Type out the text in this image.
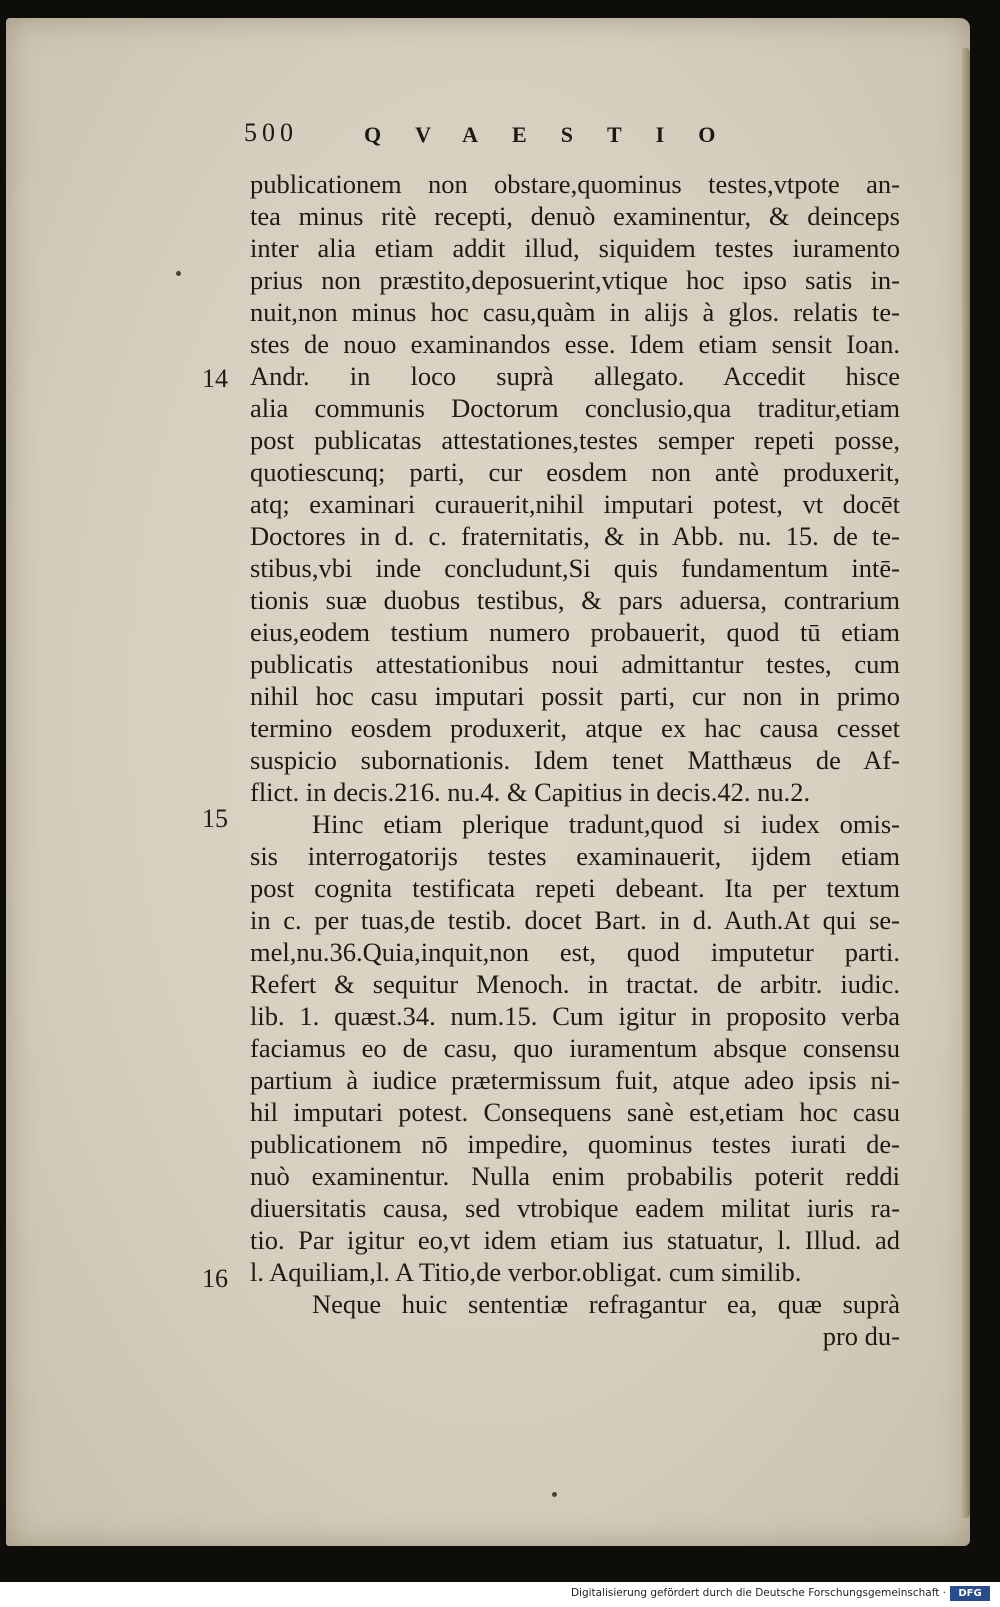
500	QVAESTIO
14
15
16
publicationem non obstare,quominus testes,vtpote an-
tea minus ritè recepti, denuò examinentur, & deinceps
inter alia etiam addit illud, siquidem testes iuramento
prius non præstito,deposuerint,vtique hoc ipso satis in-
nuit,non minus hoc casu,quàm in alijs à glos. relatis te-
stes de nouo examinandos esse. Idem etiam sensit Ioan.
Andr. in loco suprà allegato. Accedit hisce
alia communis Doctorum conclusio,qua traditur,etiam
post publicatas attestationes,testes semper repeti posse,
quotiescunq; parti, cur eosdem non antè produxerit,
atq; examinari curauerit,nihil imputari potest, vt docēt
Doctores in d. c. fraternitatis, & in Abb. nu. 15. de te-
stibus,vbi inde concludunt,Si quis fundamentum intē-
tionis suæ duobus testibus, & pars aduersa, contrarium
eius,eodem testium numero probauerit, quod tū etiam
publicatis attestationibus noui admittantur testes, cum
nihil hoc casu imputari possit parti, cur non in primo
termino eosdem produxerit, atque ex hac causa cesset
suspicio subornationis. Idem tenet Matthæus de Af-
flict. in decis.216. nu.4. & Capitius in decis.42. nu.2.
Hinc etiam plerique tradunt,quod si iudex omis-
sis interrogatorijs testes examinauerit, ijdem etiam
post cognita testificata repeti debeant. Ita per textum
in c. per tuas,de testib. docet Bart. in d. Auth.At qui se-
mel,nu.36.Quia,inquit,non est, quod imputetur parti.
Refert & sequitur Menoch. in tractat. de arbitr. iudic.
lib. 1. quæst.34. num.15. Cum igitur in proposito verba
faciamus eo de casu, quo iuramentum absque consensu
partium à iudice prætermissum fuit, atque adeo ipsis ni-
hil imputari potest. Consequens sanè est,etiam hoc casu
publicationem nō impedire, quominus testes iurati de-
nuò examinentur. Nulla enim probabilis poterit reddi
diuersitatis causa, sed vtrobique eadem militat iuris ra-
tio. Par igitur eo,vt idem etiam ius statuatur, l. Illud. ad
l. Aquiliam,l. A Titio,de verbor.obligat. cum similib.
Neque huic sententiæ refragantur ea, quæ suprà
pro du-
Digitalisierung gefördert durch die Deutsche Forschungsgemeinschaft ·	DFG
